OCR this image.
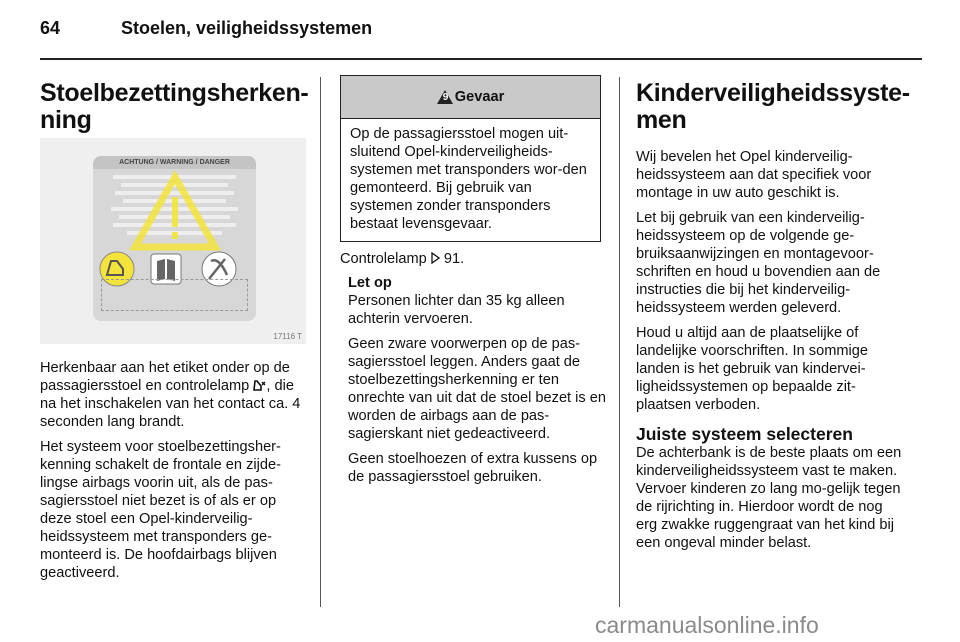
64	Stoelen, veiligheidssystemen
Stoelbezettingsherken-
ning
ACHTUNG / WARNING / DANGER
17116 T

Herkenbaar aan het etiket onder op de passagiersstoel en controlelamp , die na het inschakelen van het contact ca. 4 seconden lang brandt.

Het systeem voor stoelbezettingsher-kenning schakelt de frontale en zijde-lingse airbags voorin uit, als de pas-sagiersstoel niet bezet is of als er op deze stoel een Opel-kinderveilig-heidssysteem met transponders ge-monteerd is. De hoofdairbags blijven geactiveerd.

9 Gevaar
Op de passagiersstoel mogen uit-sluitend Opel-kinderveiligheids-systemen met transponders wor-den gemonteerd. Bij gebruik van systemen zonder transponders bestaat levensgevaar.

Controlelamp  91.

Let op

Personen lichter dan 35 kg alleen achterin vervoeren.

Geen zware voorwerpen op de pas-sagiersstoel leggen. Anders gaat de stoelbezettingsherkenning er ten onrechte van uit dat de stoel bezet is en worden de airbags aan de pas-sagierskant niet gedeactiveerd.

Geen stoelhoezen of extra kussens op de passagiersstoel gebruiken.

Kinderveiligheidssyste-
men

Wij bevelen het Opel kinderveilig-heidssysteem aan dat specifiek voor montage in uw auto geschikt is.

Let bij gebruik van een kinderveilig-heidssysteem op de volgende ge-bruiksaanwijzingen en montagevoor-schriften en houd u bovendien aan de instructies die bij het kinderveilig-heidssysteem werden geleverd.

Houd u altijd aan de plaatselijke of landelijke voorschriften. In sommige landen is het gebruik van kindervei-ligheidssystemen op bepaalde zit-plaatsen verboden.

Juiste systeem selecteren

De achterbank is de beste plaats om een kinderveiligheidssysteem vast te maken. Vervoer kinderen zo lang mo-gelijk tegen de rijrichting in. Hierdoor wordt de nog erg zwakke ruggengraat van het kind bij een ongeval minder belast.

carmanualsonline.info
